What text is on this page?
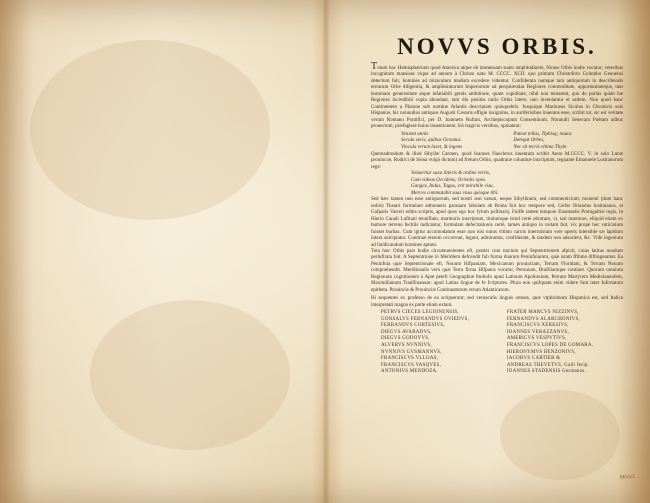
NOVVS ORBIS.

Totum hoc Hemisphærium quod America atque ob immensam suam amplitudinem, Nouus Orbis hodie vocatur; veteribus incognitum mansisse vique ad annum à Christo nato M. CCCC. XCII. quo primum Christoforo Columbo Genuensi detectum fuit, homines ad miraculum modum excedere videntur. Confiderata namque tam antiquorum in describendo terrarum Orbe diligentia, & amplissimorum Imperiorum ad perquirendas Regiones commoditate, opportunitateque, tam hominum generositate atque infatiabili gentis ambitione, quam cupiditate, nihil non tentarent, quo do potiùs quàm hæ Regiones incredibili copia abundant, tam diu penitùs nullo Orbis latere, non inveniantur et saltem. Non quod hanc Continentem a Platone sub nomine Atlantis descriptam quinquebris. Iosquique Marinæus Siculus in Chronicis suis Hispaniæ, hic nonnullos antiquos Augusti Cæsaris effigie insignitos, in auriferisibus inuentos esse, scribit tot, sic est veritate verum Romano Pontifici, per D. Ioannem Rufum, Archiepiscopum Consentinum. Nonnulli Senecam Poëtam adhuc prouectum, præfagisse huius inuentionem, his tragicis versibus, opinantur:

Venient annis
Secula seris, quibus Oceanus
Vincula rerum laxet, & ingens
Pateat tellus, Tiphisq; nouos
Detegat Orbes,
Nec sit terris vltima Thyle.

Quemadmodum & illud Sibyllæ Carmen, quod Ioannes Nauclerus inuentum scribit Anno M.CCCC. V. in solo Lunæ prouinciæ, Rodrici de Siena vulgò dictum) ad fretum Orbin, quadratæ columnæ inscriptum, regnante Emanuele Lusitanorum rege:

Volueritur saxa litteris & ordine rectis,
Cum videas Occidens, Orientis opes.
Ganges, Indus, Tagus, erit mirabile visu,
Merces commutabit suas vnus quisque tibi.

Sed hæc tamen non esse antiquorum, sed nostri æui vatum, neque Sibyllinum, sed commenticium; monenti (dum hanc nobis) Theatri formulam admoneris paranam fabulam ab Roma fuit hoc tempore sed, Cæfar Orlandus Iustinianus, et Gafparis Varreri editis scriptis, apud quos ego hoc fylum pollinarij. Fuiffe tamen tempore Emanuelis Portugalliæ regis, in Hierio Canali Lufitani tenuiflam, marmoris inscriptum, titulumque istud certè obrutum, vt, tari marmore, eliquid etiam ex humore terreno fectilis indicantur, formulam defecitationis certè, tamen antiquo in vsitam fuit, vix propè hoc vaticinium fuisset burbas. Cum igitur accomodatum esse non nisi nutus vltimo carnis intermisium vere operis intersible sæ lapidum intera sulcipiatur. Continuè etenim occurrunt, legunt, admirantur, confiderant, & tandem non adsorient, &c. Vide ingenium ad fatidicandum homines aptum.

Tota hæc Orbis pars hodie circumuenientes eft, pratter cum tractum qui Septentrionem afpicit, cuius latitus nondum perlufirata fuit. A Septentrione in Meridiem defcendit fub forma duarum Peninfularum, quæ istam Ifthmo diftinguuntur. Ea Peninfula quæ Septentrionale eft, Nouum Hifpaniam, Mexicanum prouinciam, Terram Floridam, & Terram Nouum compræhendit. Meridionalis verò quæ Terra firma Hifpanis vocatur, Peruuiam, Brafiliamque continet. Quorum omnium Regionum cognitionem à Apœ petefi Geographiæ ftudiofo apud Latinum Apollonium, Petrum Martyrem Mediolanenfem, Maximilianum Tranfiluanum: apud Latina lingue de fe fcriptores. Plura non quifquam enim videre funt inter Infortatum epitheta. Prouincie & Prouinciæ Continuaturum rerum Atlanticarum.

Hi sequentes ex professo de ea scripserunt; sed vernaculis linguis omnes, quæ vtplurimum Hispanica est, sed Italica interpretati magna ex parte etiam extant.

PETRVS CIECES LEGIONENSIS,
GONSALVS FERNANDVS OVIEDVS,
FERRANDVS CORTESIVS,
DIEGVS AVARADVS,
DIEGVS GODOYVS,
ALVERVS NVNNIVS,
NVNNIVS GVSMANNVS,
FRANCISCVS VLLOAS,
FRANCISCVS VASQVES,
ANTONIVS MENDOZA,
FRATER MARCVS NIZZINVS,
FERNANDVS ALARCHONIVS,
FRANCISCVS XERESIVS,
IOANNES VERAZZANVS,
AMERICVS VESPVTIVS,
FRANCISCVS LOPES DE GOMARA,
HIERONYMVS BENZONIVS,
IACOBVS CARTIER &
ANDREAS THEVETVS, Galli ferip.
IOANNES STADENSIS Germanus.
Mc2z1
